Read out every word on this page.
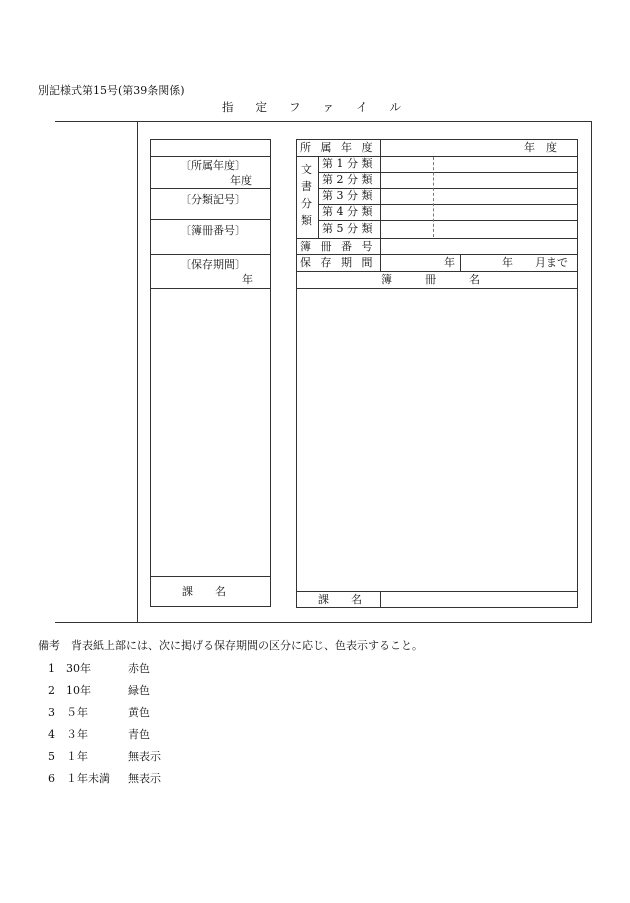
別記様式第15号(第39条関係)
指 定 フ ァ イ ル
〔所属年度〕
年度
〔分類記号〕
〔簿冊番号〕
〔保存期間〕
年
課　　名
所 属 年 度	年　度
文
書
分
類
第 1 分 類
第 2 分 類
第 3 分 類
第 4 分 類
第 5 分 類
簿 冊 番 号
保 存 期 間	年	年　　月まで
簿　　　冊　　　名
課　　名
備考　背表紙上部には、次に掲げる保存期間の区分に応じ、色表示すること。
1 30年	赤色
2 10年	緑色
3 ５年	黄色
4 ３年	青色
5 １年	無表示
6 １年未満 無表示
